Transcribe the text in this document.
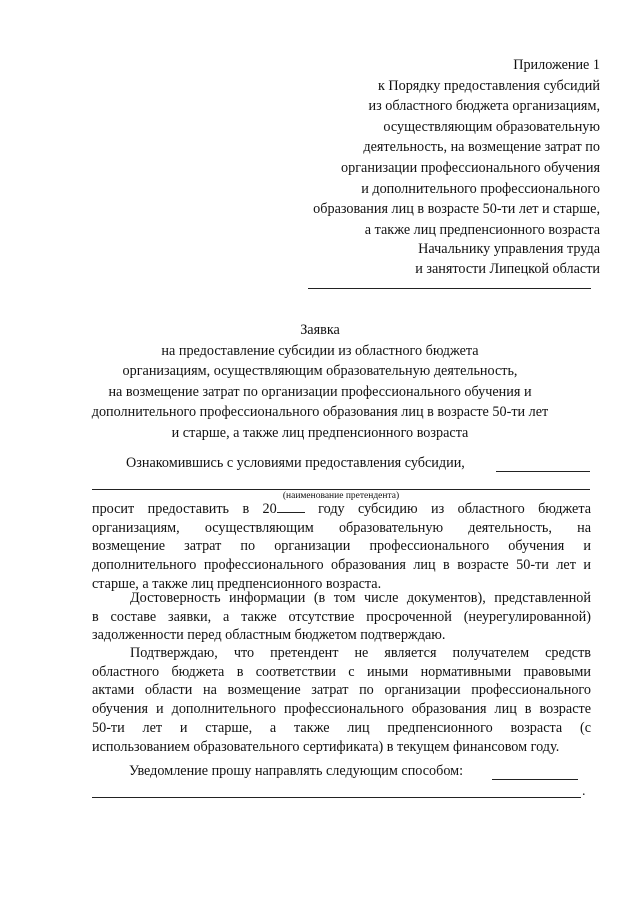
Приложение 1
к Порядку предоставления субсидий
из областного бюджета организациям,
осуществляющим образовательную
деятельность, на возмещение затрат по
организации профессионального обучения
и дополнительного профессионального
образования лиц в возрасте 50-ти лет и старше,
а также лиц предпенсионного возраста
Начальнику управления труда
и занятости Липецкой области
Заявка
на предоставление субсидии из областного бюджета
организациям, осуществляющим образовательную деятельность,
на возмещение затрат по организации профессионального обучения и
дополнительного профессионального образования лиц в возрасте 50-ти лет
и старше, а также лиц предпенсионного возраста
Ознакомившись с условиями предоставления субсидии,
(наименование претендента)
просит предоставить в 20 году субсидию из областного бюджета
организациям, осуществляющим образовательную деятельность, на
возмещение затрат по организации профессионального обучения и
дополнительного профессионального образования лиц в возрасте 50-ти лет и
старше, а также лиц предпенсионного возраста.
Достоверность информации (в том числе документов), представленной
в составе заявки, а также отсутствие просроченной (неурегулированной)
задолженности перед областным бюджетом подтверждаю.
Подтверждаю, что претендент не является получателем средств
областного бюджета в соответствии с иными нормативными правовыми
актами области на возмещение затрат по организации профессионального
обучения и дополнительного профессионального образования лиц в возрасте
50-ти лет и старше, а также лиц предпенсионного возраста (с
использованием образовательного сертификата) в текущем финансовом году.
Уведомление прошу направлять следующим способом:
.
